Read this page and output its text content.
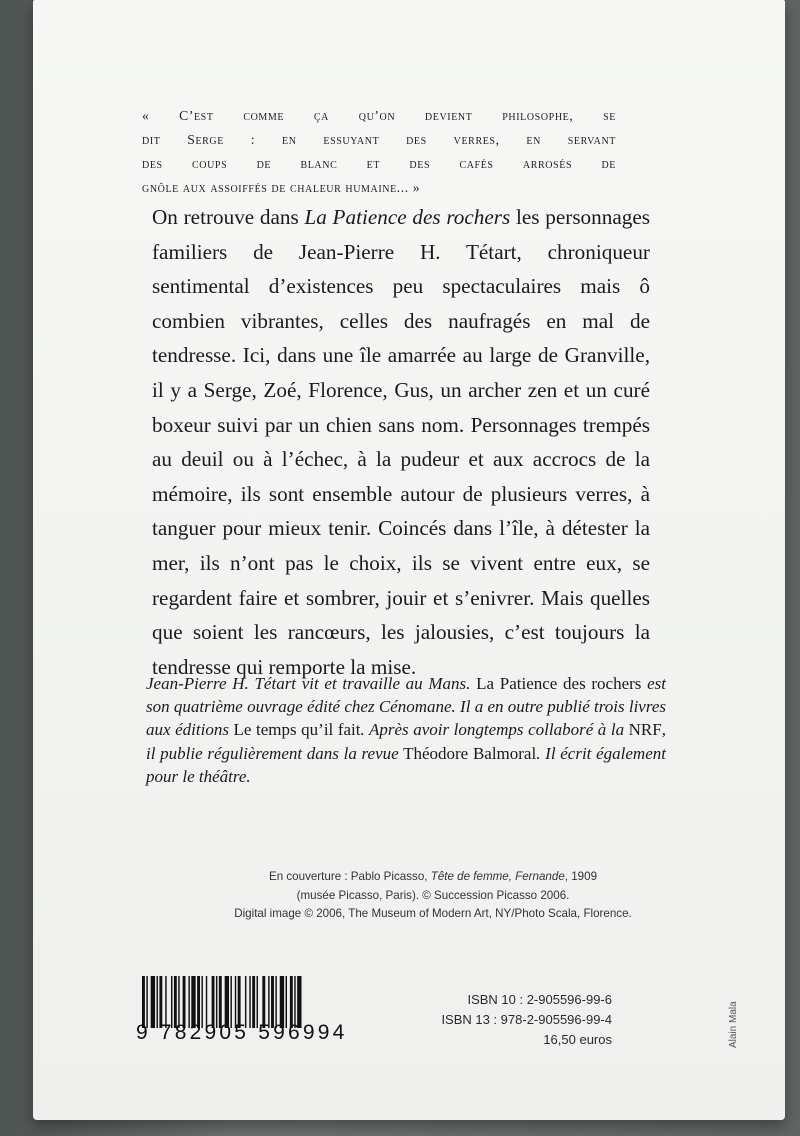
« C’est comme ça qu’on devient philosophe, se
dit Serge : en essuyant des verres, en servant
des coups de blanc et des cafés arrosés de
gnôle aux assoiffés de chaleur humaine... »
On retrouve dans La Patience des rochers les personnages familiers de Jean-Pierre H. Tétart, chroniqueur sentimental d’existences peu spectaculaires mais ô combien vibrantes, celles des naufragés en mal de tendresse. Ici, dans une île amarrée au large de Granville, il y a Serge, Zoé, Florence, Gus, un archer zen et un curé boxeur suivi par un chien sans nom. Personnages trempés au deuil ou à l’échec, à la pudeur et aux accrocs de la mémoire, ils sont ensemble autour de plusieurs verres, à tanguer pour mieux tenir. Coincés dans l’île, à détester la mer, ils n’ont pas le choix, ils se vivent entre eux, se regardent faire et sombrer, jouir et s’enivrer. Mais quelles que soient les rancœurs, les jalousies, c’est toujours la tendresse qui remporte la mise.
Jean-Pierre H. Tétart vit et travaille au Mans. La Patience des rochers est son quatrième ouvrage édité chez Cénomane. Il a en outre publié trois livres aux éditions Le temps qu’il fait. Après avoir longtemps collaboré à la NRF, il publie régulièrement dans la revue Théodore Balmoral. Il écrit également pour le théâtre.
En couverture : Pablo Picasso, Tête de femme, Fernande, 1909
(musée Picasso, Paris). © Succession Picasso 2006.
Digital image © 2006, The Museum of Modern Art, NY/Photo Scala, Florence.
9 782905 596994
ISBN 10 : 2-905596-99-6
ISBN 13 : 978-2-905596-99-4
16,50 euros	Alain Mala
